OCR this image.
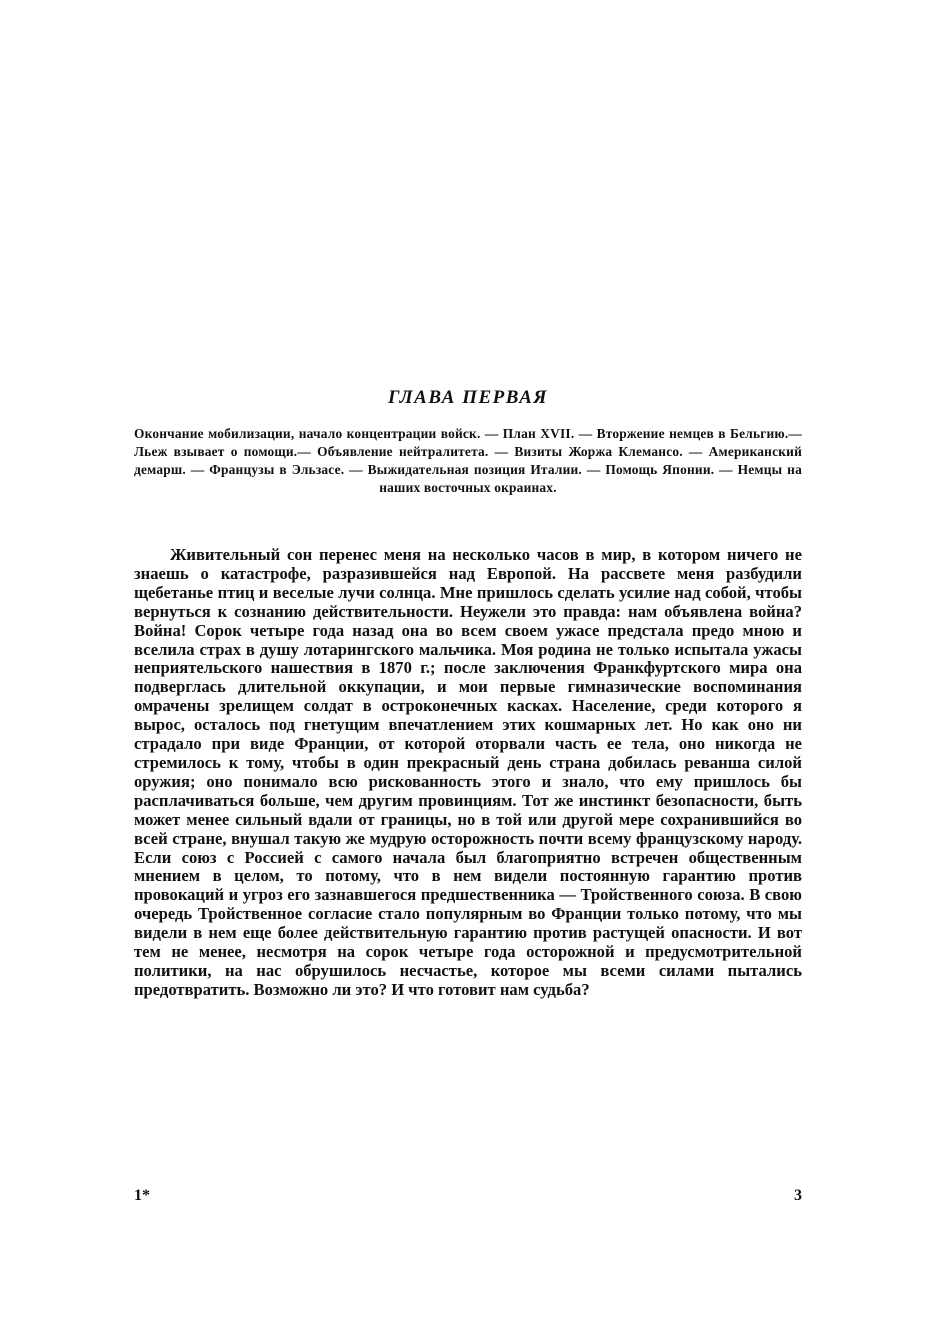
ГЛАВА ПЕРВАЯ

Окончание мобилизации, начало концентрации войск. — План XVII. — Вторжение немцев в Бельгию.—Льеж взывает о помощи.— Объявление нейтралитета. — Визиты Жоржа Клемансо. — Американский демарш. — Французы в Эльзасе. — Выжидательная позиция Италии. — Помощь Японии. — Немцы на наших восточных окраинах.

Живительный сон перенес меня на несколько часов в мир, в котором ничего не знаешь о катастрофе, разразившейся над Европой. На рассвете меня разбудили щебетанье птиц и веселые лучи солнца. Мне пришлось сделать усилие над собой, чтобы вернуться к сознанию действительности. Неужели это правда: нам объявлена война? Война! Сорок четыре года назад она во всем своем ужасе предстала предо мною и вселила страх в душу лотарингского мальчика. Моя родина не только испытала ужасы неприятельского нашествия в 1870 г.; после заключения Франкфуртского мира она подверглась длительной оккупации, и мои первые гимназические воспоминания омрачены зрелищем солдат в остроконечных касках. Население, среди которого я вырос, осталось под гнетущим впечатлением этих кошмарных лет. Но как оно ни страдало при виде Франции, от которой оторвали часть ее тела, оно никогда не стремилось к тому, чтобы в один прекрасный день страна добилась реванша силой оружия; оно понимало всю рискованность этого и знало, что ему пришлось бы расплачиваться больше, чем другим провинциям. Тот же инстинкт безопасности, быть может менее сильный вдали от границы, но в той или другой мере сохранившийся во всей стране, внушал такую же мудрую осторожность почти всему французскому народу. Если союз с Россией с самого начала был благоприятно встречен общественным мнением в целом, то потому, что в нем видели постоянную гарантию против провокаций и угроз его зазнавшегося предшественника — Тройственного союза. В свою очередь Тройственное согласие стало популярным во Франции только потому, что мы видели в нем еще более действительную гарантию против растущей опасности. И вот тем не менее, несмотря на сорок четыре года осторожной и предусмотрительной политики, на нас обрушилось несчастье, которое мы всеми силами пытались предотвратить. Возможно ли это? И что готовит нам судьба?

1*	3
